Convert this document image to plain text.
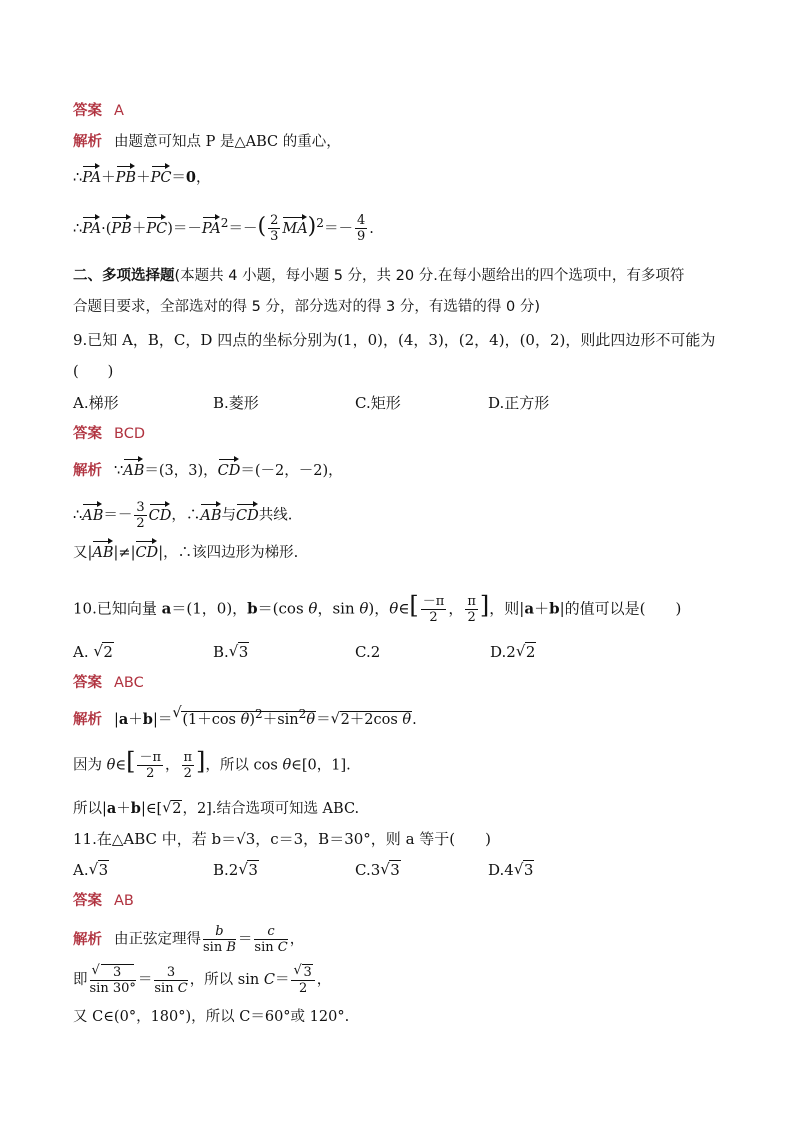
答案 A
解析 由题意可知点 P 是△ABC 的重心，
∴PA＋PB＋PC＝0，
$\therefore PA\cdot(PB+PC)=-PA^2=-( \frac{2}{3} MA)^2=- \frac{4}{9}$ .
二、多项选择题(本题共 4 小题，每小题 5 分，共 20 分.在每小题给出的四个选项中，有多项符
合题目要求，全部选对的得 5 分，部分选对的得 3 分，有选错的得 0 分)
9.已知 A，B，C，D 四点的坐标分别为(1，0)，(4，3)，(2，4)，(0，2)，则此四边形不可能为
(　　)
A.梯形	B.菱形	C.矩形	D.正方形
答案 BCD
解析 ∵AB＝(3，3)，CD＝(－2，－2)，
∴AB＝－ $\frac{3}{2}$ CD，∴AB与CD共线.
又|AB|≠|CD|，∴该四边形为梯形.
10.已知向量 a＝(1，0)，b＝(cos θ，sin θ)，θ∈[ $\frac{-\pi}{2}$ ， $\frac{\pi}{2}$ ]，则|a＋b|的值可以是(　　)
A. √ 2	B.√ 3	C.2	D.2√ 2
答案 ABC
解析 |a＋b|＝√ (1＋cos $\theta)^2+\sin^2\theta=√$ 2＋2cos θ.
因为 θ∈[ $\frac{-\pi}{2}$ ， $\frac{\pi}{2}$ ]，所以 cos θ∈[0，1].
所以|a＋b|∈[√ 2，2].结合选项可知选 ABC.
11.在△ABC 中，若 b＝√3，c＝3，B＝30°，则 a 等于(　　)
A.√ 3	B.2√ 3	C.3√ 3	D.4√ 3
答案 AB
解析 由正弦定理得 $\frac{b}{\text{sin B}} = \frac{c}{\text{sin C}}$ ，
即
√ $\frac{3}{\sin 30^\circ} = \frac{3}{\text{sin C}}$ ，所以 sin C＝
√ $\frac{3}{2}$ ，
又 C∈(0°，180°)，所以 C＝60°或 120°.
